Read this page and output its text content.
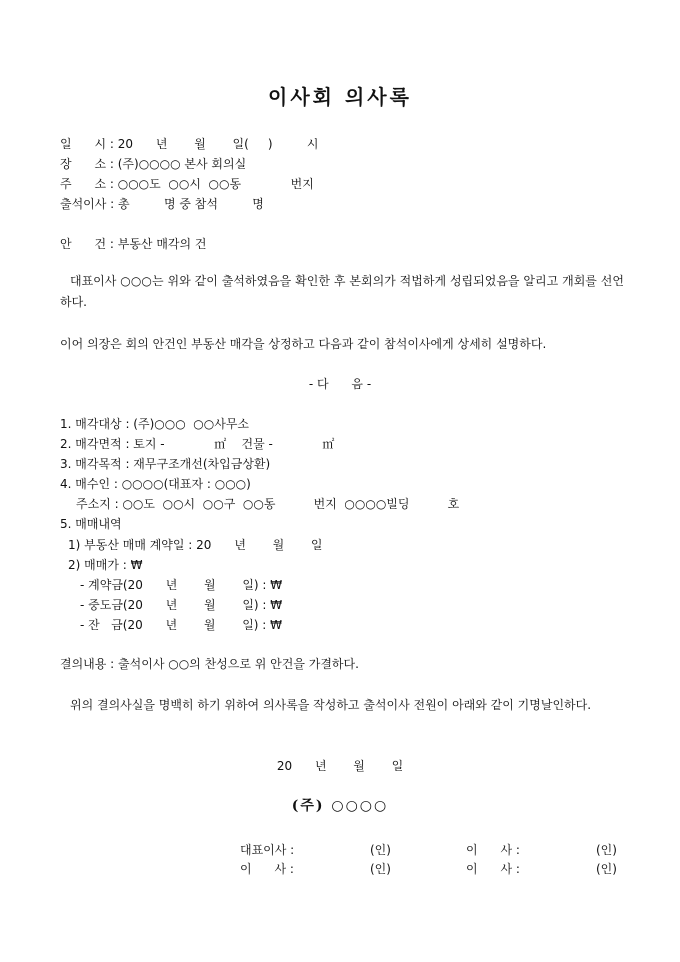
이사회 의사록
일      시 : 20      년       월       일(     )         시
장      소 : (주)○○○○ 본사 회의실
주      소 : ○○○도  ○○시  ○○동             번지
출석이사 : 총         명 중 참석         명
안      건 : 부동산 매각의 건
대표이사 ○○○는 위와 같이 출석하였음을 확인한 후 본회의가 적법하게 성립되었음을 알리고 개회를 선언하다.
이어 의장은 회의 안건인 부동산 매각을 상정하고 다음과 같이 참석이사에게 상세히 설명하다.
- 다      음 -
1. 매각대상 : (주)○○○  ○○사무소
2. 매각면적 : 토지 -             ㎡    건물 -             ㎡
3. 매각목적 : 재무구조개선(차입금상환)
4. 매수인 : ○○○○(대표자 : ○○○)
주소지 : ○○도  ○○시  ○○구  ○○동          번지  ○○○○빌딩          호
5. 매매내역
1) 부동산 매매 계약일 : 20      년       월       일
2) 매매가 : ₩
- 계약금(20      년       월       일) : ₩
- 중도금(20      년       월       일) : ₩
- 잔   금(20      년       월       일) : ₩
결의내용 : 출석이사 ○○의 찬성으로 위 안건을 가결하다.
위의 결의사실을 명백히 하기 위하여 의사록을 작성하고 출석이사 전원이 아래와 같이 기명날인하다.
20      년       월       일
(주) ○○○○
대표이사 :	(인)	이      사 :	(인)
이      사 :	(인)	이      사 :	(인)
